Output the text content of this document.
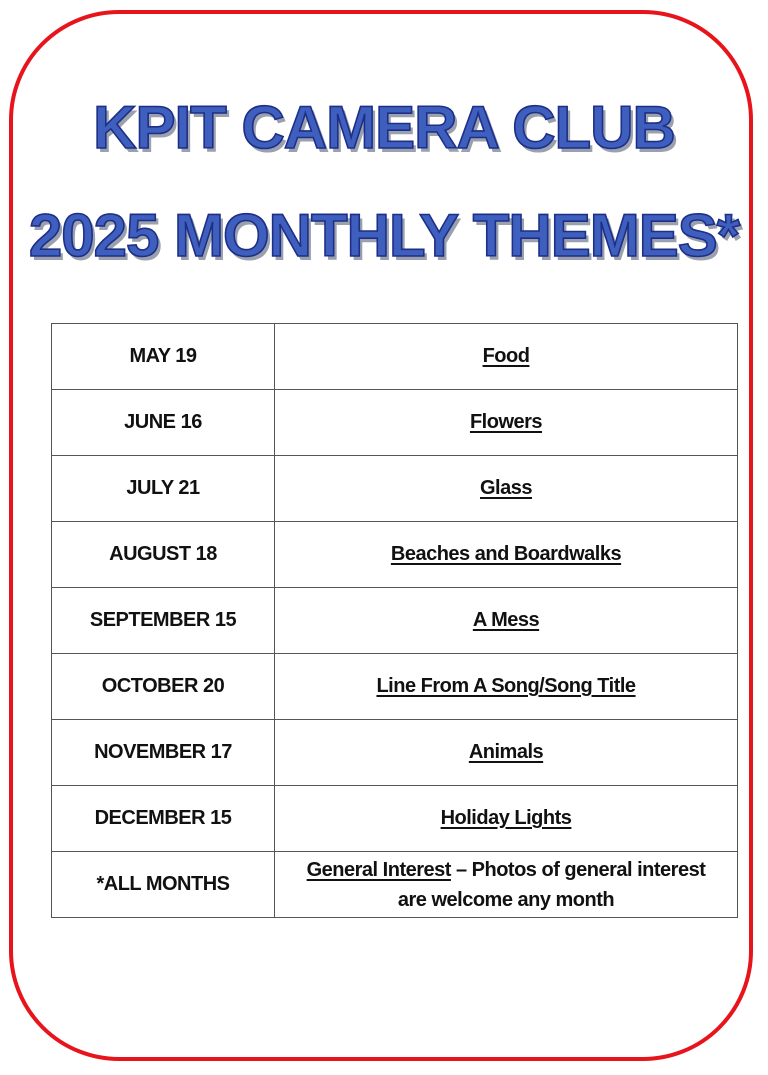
KPIT CAMERA CLUB
2025 MONTHLY THEMES*
MAY 19	Food
JUNE 16	Flowers
JULY 21	Glass
AUGUST 18	Beaches and Boardwalks
SEPTEMBER 15	A Mess
OCTOBER 20	Line From A Song/Song Title
NOVEMBER 17	Animals
DECEMBER 15	Holiday Lights
*ALL MONTHS	General Interest – Photos of general interest
are welcome any month
